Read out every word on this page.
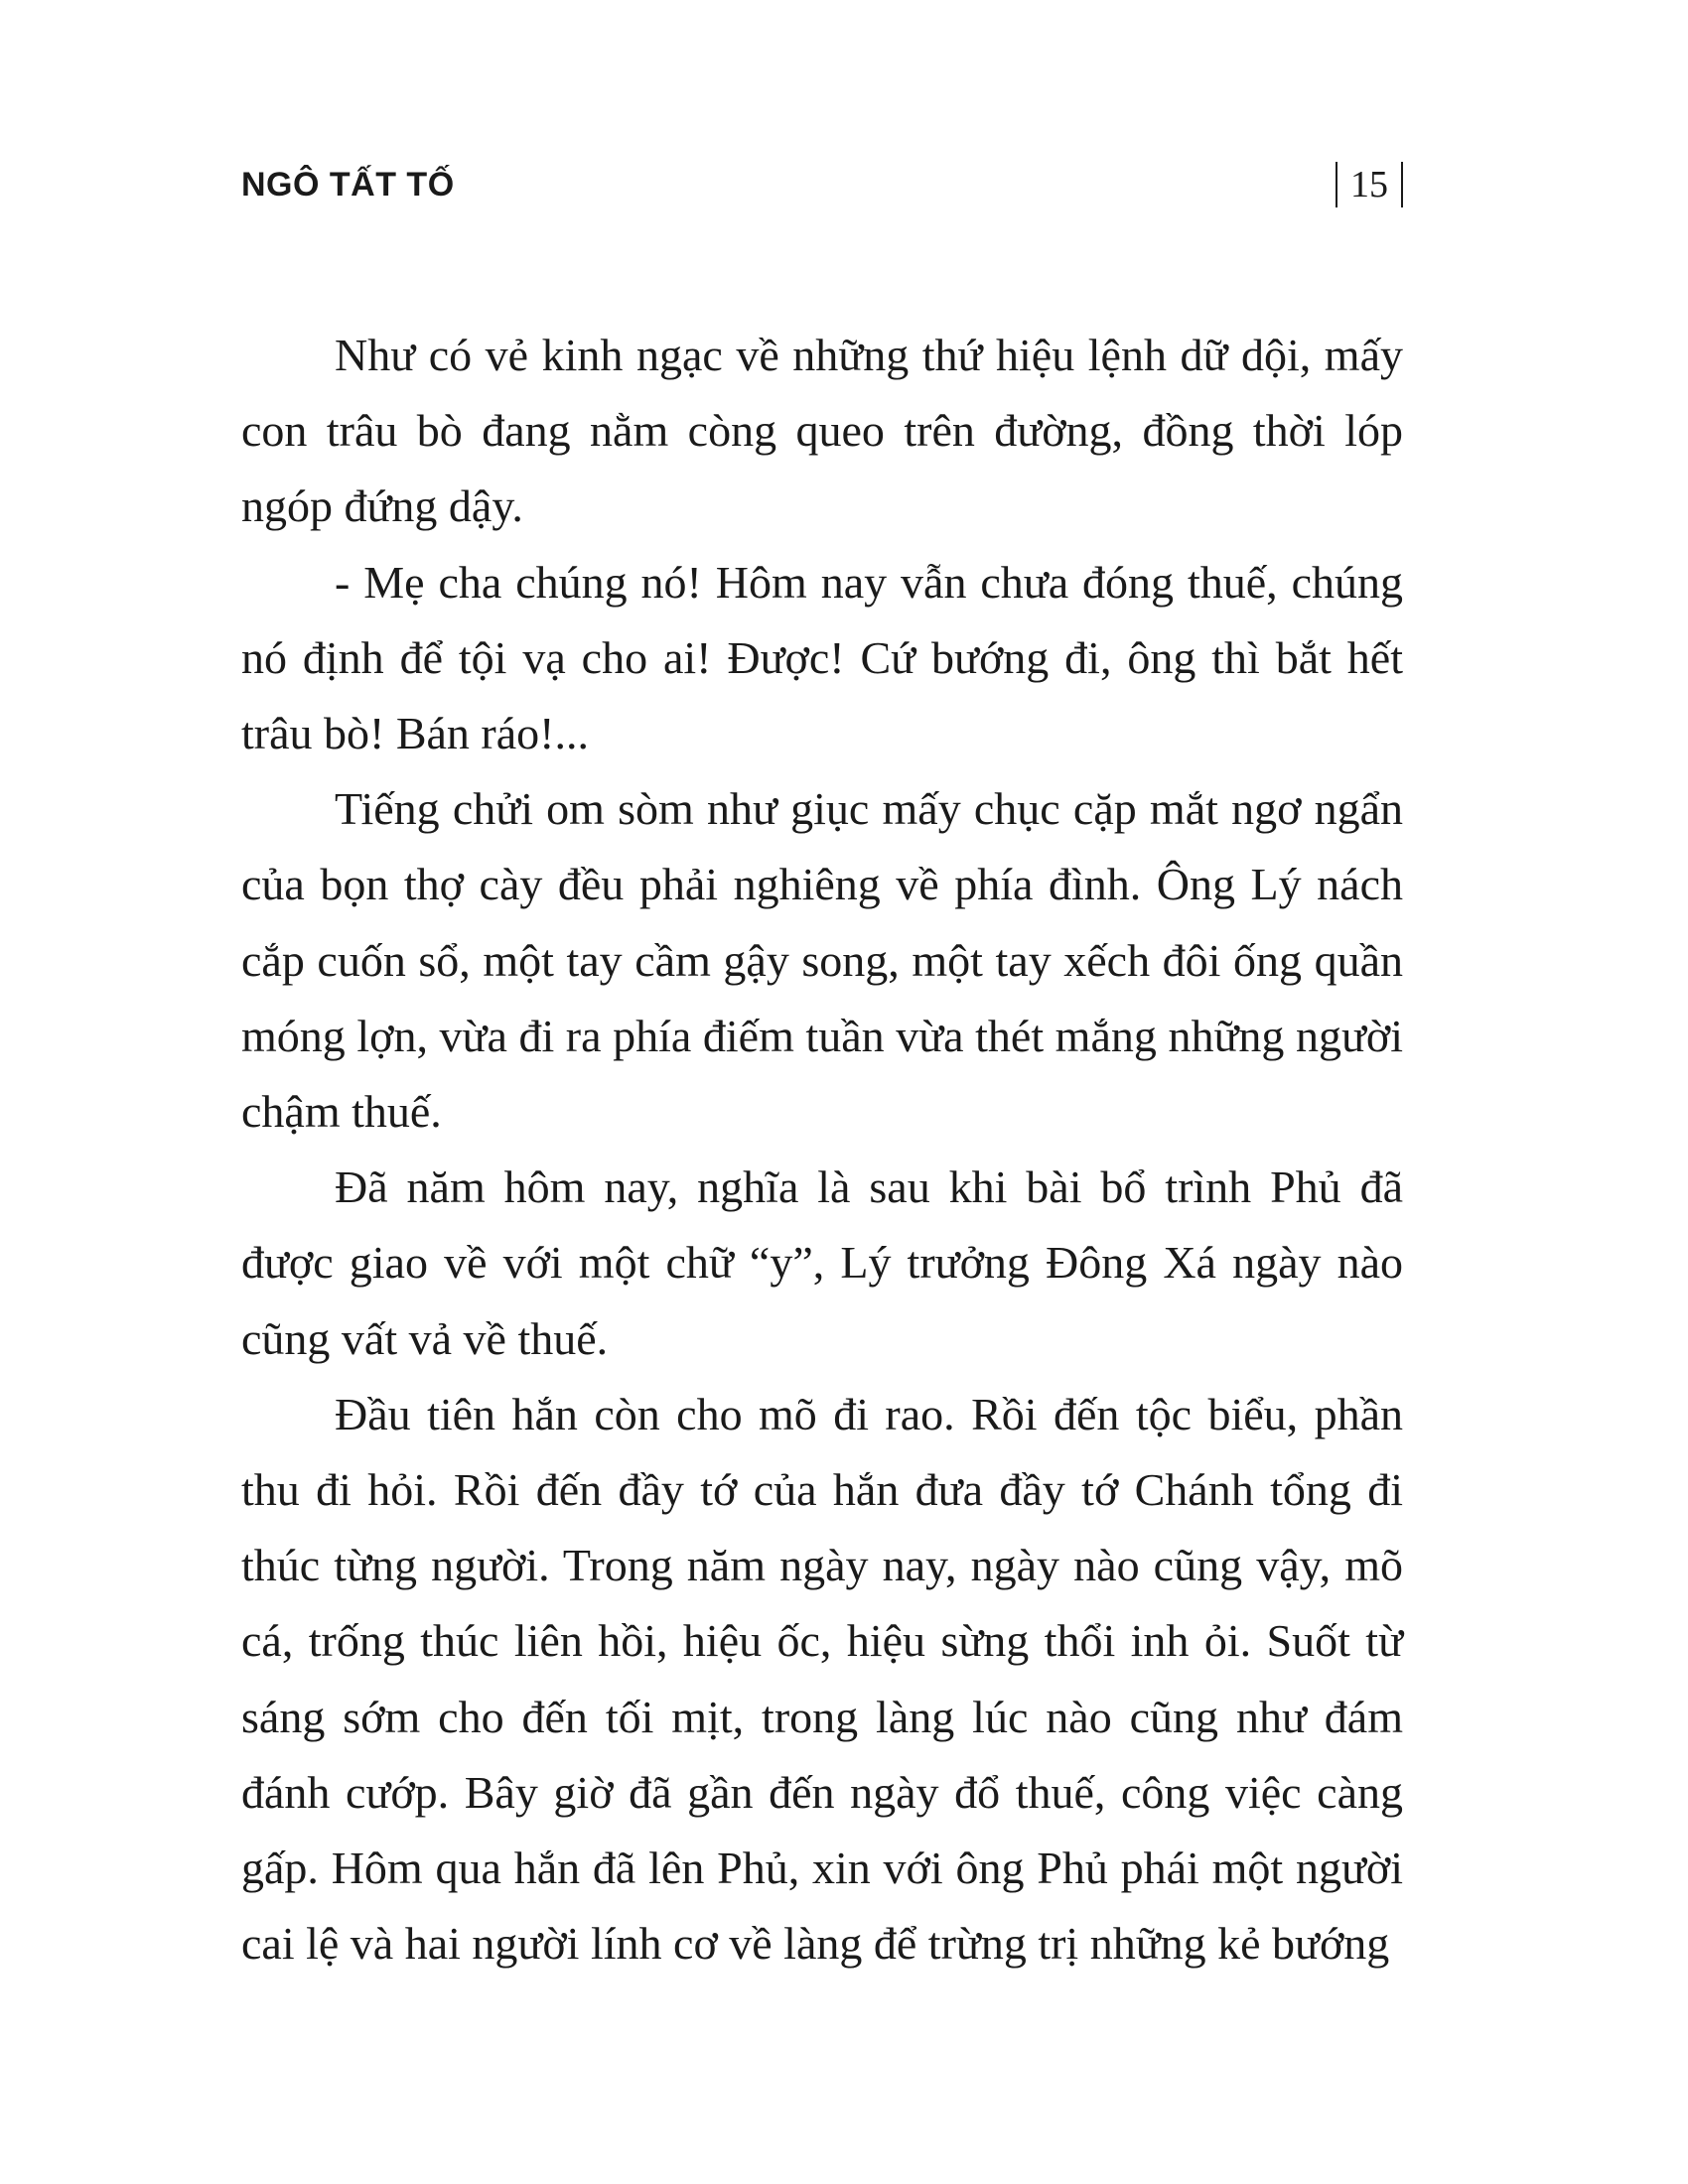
NGÔ TẤT TỐ	15

Như có vẻ kinh ngạc về những thứ hiệu lệnh dữ dội, mấy con trâu bò đang nằm còng queo trên đường, đồng thời lóp ngóp đứng dậy.

- Mẹ cha chúng nó! Hôm nay vẫn chưa đóng thuế, chúng nó định để tội vạ cho ai! Được! Cứ bướng đi, ông thì bắt hết trâu bò! Bán ráo!...

Tiếng chửi om sòm như giục mấy chục cặp mắt ngơ ngẩn của bọn thợ cày đều phải nghiêng về phía đình. Ông Lý nách cắp cuốn sổ, một tay cầm gậy song, một tay xếch đôi ống quần móng lợn, vừa đi ra phía điếm tuần vừa thét mắng những người chậm thuế.

Đã năm hôm nay, nghĩa là sau khi bài bổ trình Phủ đã được giao về với một chữ “y”, Lý trưởng Đông Xá ngày nào cũng vất vả về thuế.

Đầu tiên hắn còn cho mõ đi rao. Rồi đến tộc biểu, phần thu đi hỏi. Rồi đến đầy tớ của hắn đưa đầy tớ Chánh tổng đi thúc từng người. Trong năm ngày nay, ngày nào cũng vậy, mõ cá, trống thúc liên hồi, hiệu ốc, hiệu sừng thổi inh ỏi. Suốt từ sáng sớm cho đến tối mịt, trong làng lúc nào cũng như đám đánh cướp. Bây giờ đã gần đến ngày đổ thuế, công việc càng gấp. Hôm qua hắn đã lên Phủ, xin với ông Phủ phái một người cai lệ và hai người lính cơ về làng để trừng trị những kẻ bướng
